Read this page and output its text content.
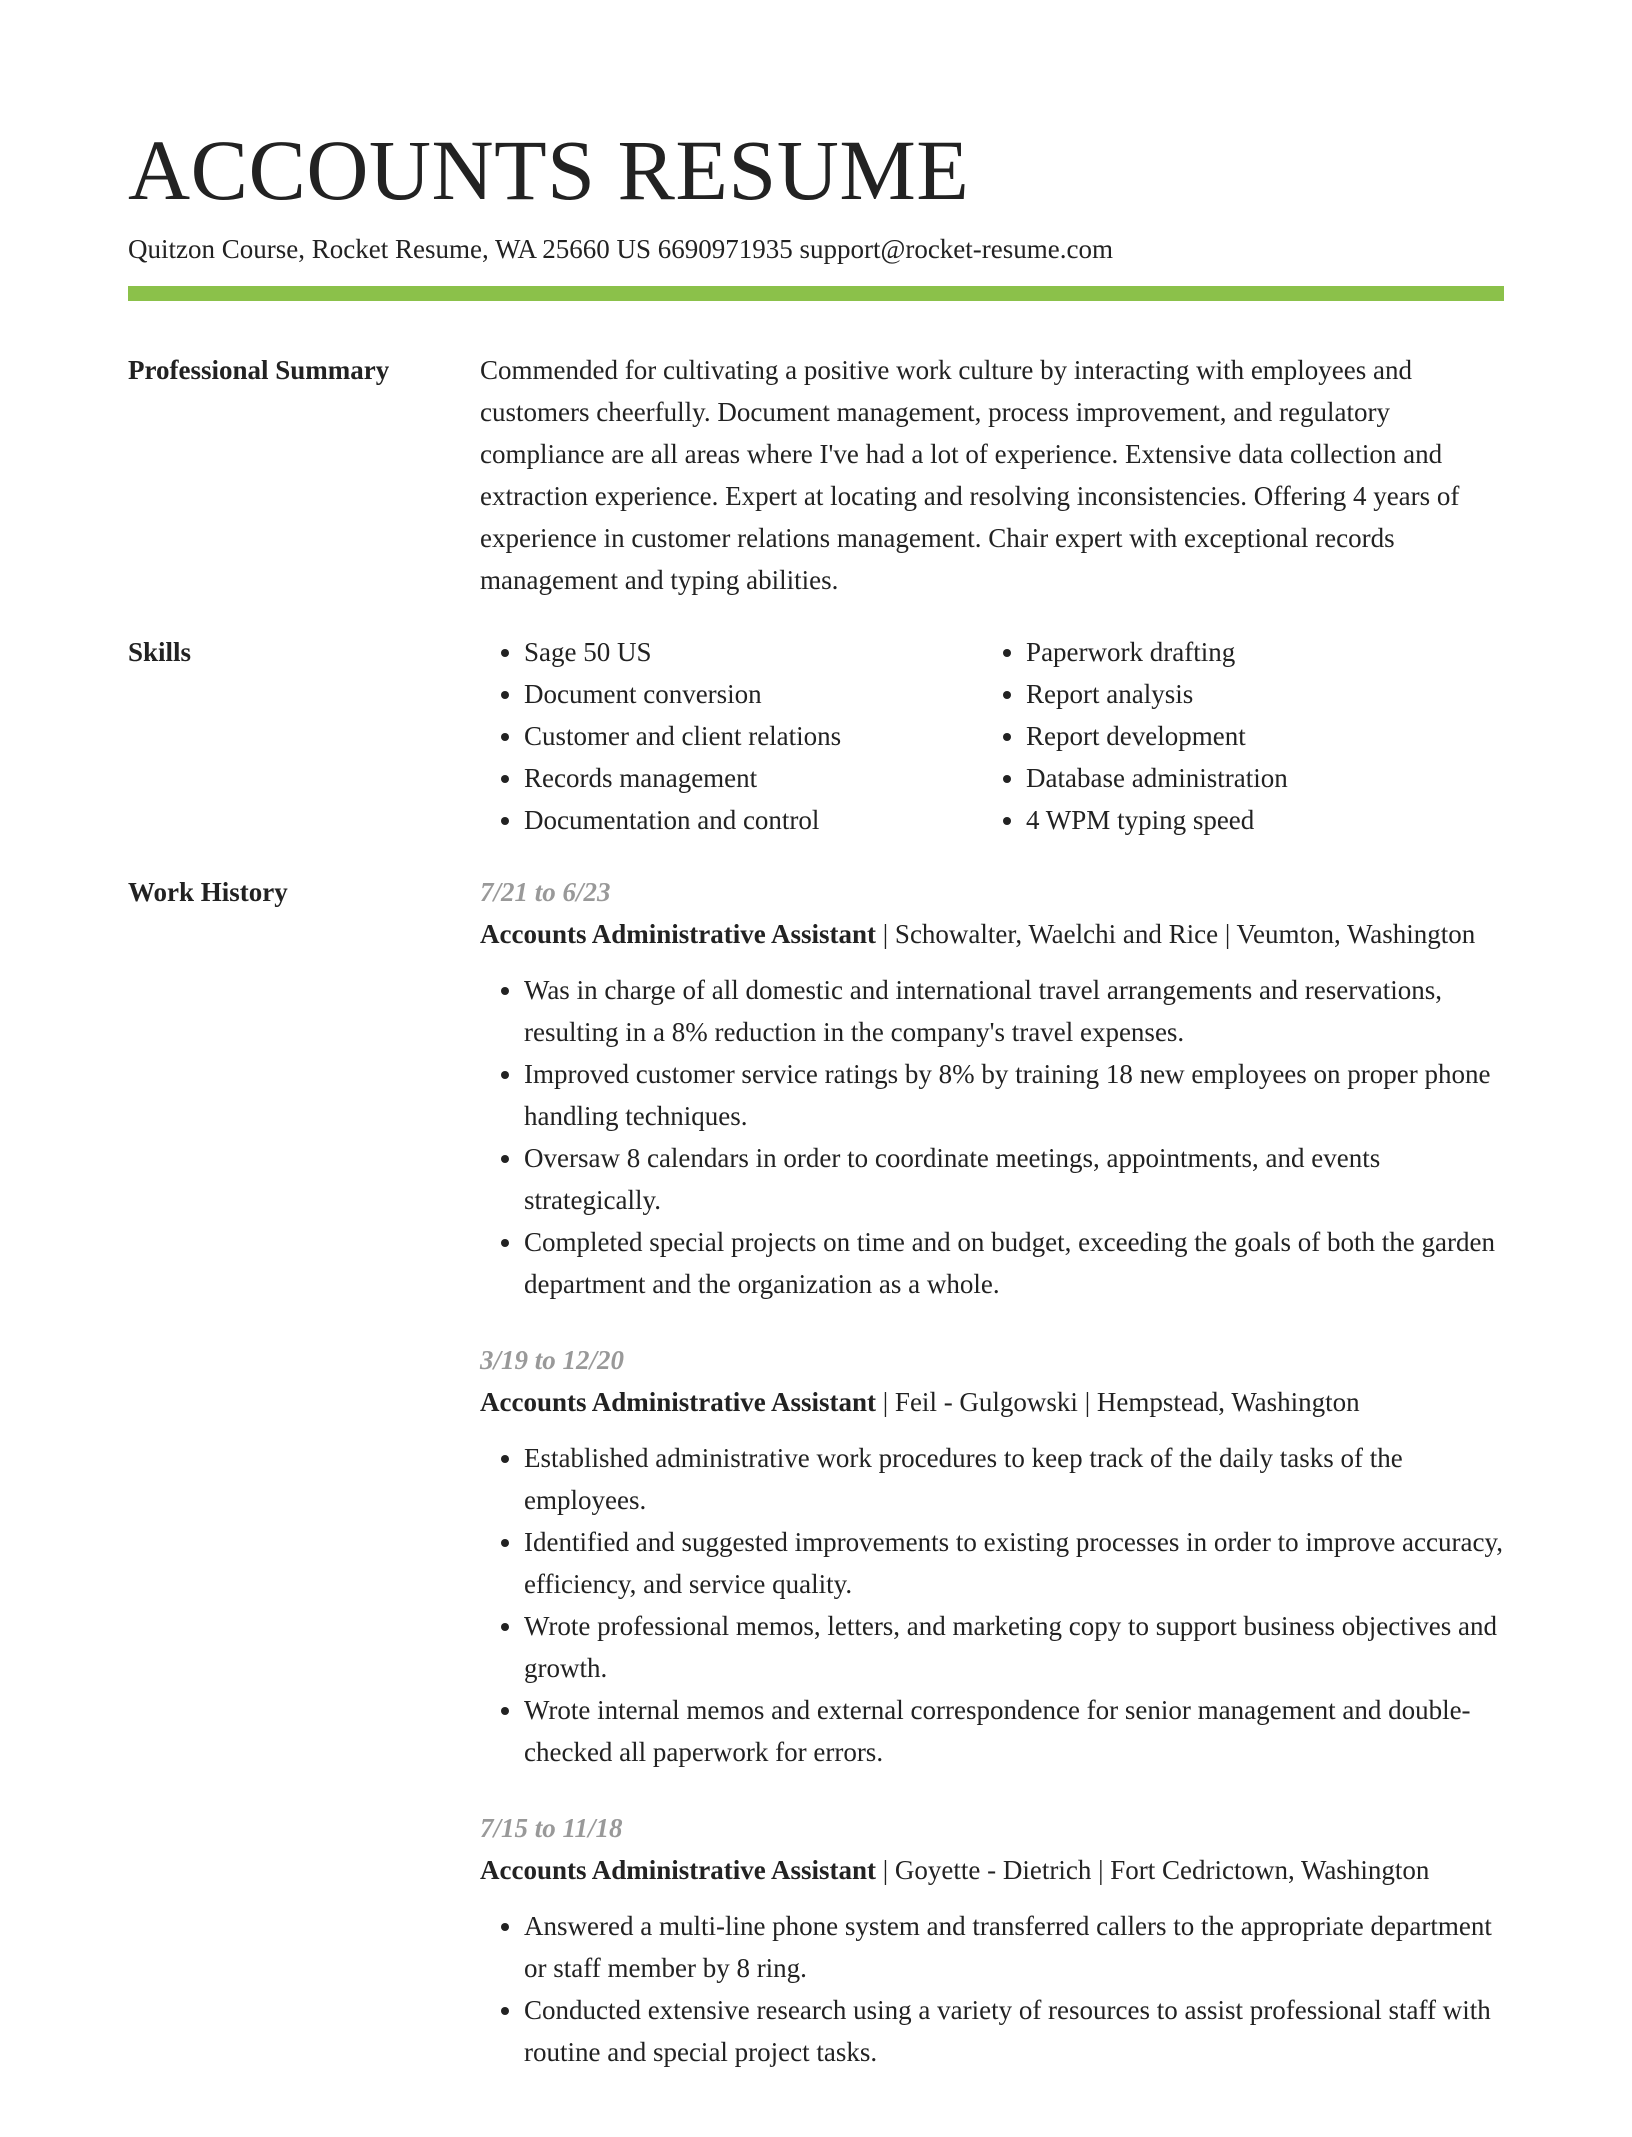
ACCOUNTS RESUME
Quitzon Course, Rocket Resume, WA 25660 US 6690971935 support@rocket-resume.com
Professional Summary	Commended for cultivating a positive work culture by interacting with employees and customers cheerfully. Document management, process improvement, and regulatory compliance are all areas where I've had a lot of experience. Extensive data collection and extraction experience. Expert at locating and resolving inconsistencies. Offering 4 years of experience in customer relations management. Chair expert with exceptional records management and typing abilities.

Skills
•	Sage 50 US
• Document conversion
• Customer and client relations
• Records management
• Documentation and control
• Paperwork drafting
• Report analysis
• Report development
• Database administration
• 4 WPM typing speed
Work History	7/21 to 6/23
Accounts Administrative Assistant | Schowalter, Waelchi and Rice | Veumton, Washington
• Was in charge of all domestic and international travel arrangements and reservations, resulting in a 8% reduction in the company's travel expenses.
• Improved customer service ratings by 8% by training 18 new employees on proper phone handling techniques.
• Oversaw 8 calendars in order to coordinate meetings, appointments, and events strategically.
• Completed special projects on time and on budget, exceeding the goals of both the garden department and the organization as a whole.
3/19 to 12/20
Accounts Administrative Assistant | Feil - Gulgowski | Hempstead, Washington
• Established administrative work procedures to keep track of the daily tasks of the employees.
• Identified and suggested improvements to existing processes in order to improve accuracy, efficiency, and service quality.
• Wrote professional memos, letters, and marketing copy to support business objectives and growth.
• Wrote internal memos and external correspondence for senior management and double-checked all paperwork for errors.
7/15 to 11/18
Accounts Administrative Assistant | Goyette - Dietrich | Fort Cedrictown, Washington
• Answered a multi-line phone system and transferred callers to the appropriate department or staff member by 8 ring.
• Conducted extensive research using a variety of resources to assist professional staff with routine and special project tasks.
